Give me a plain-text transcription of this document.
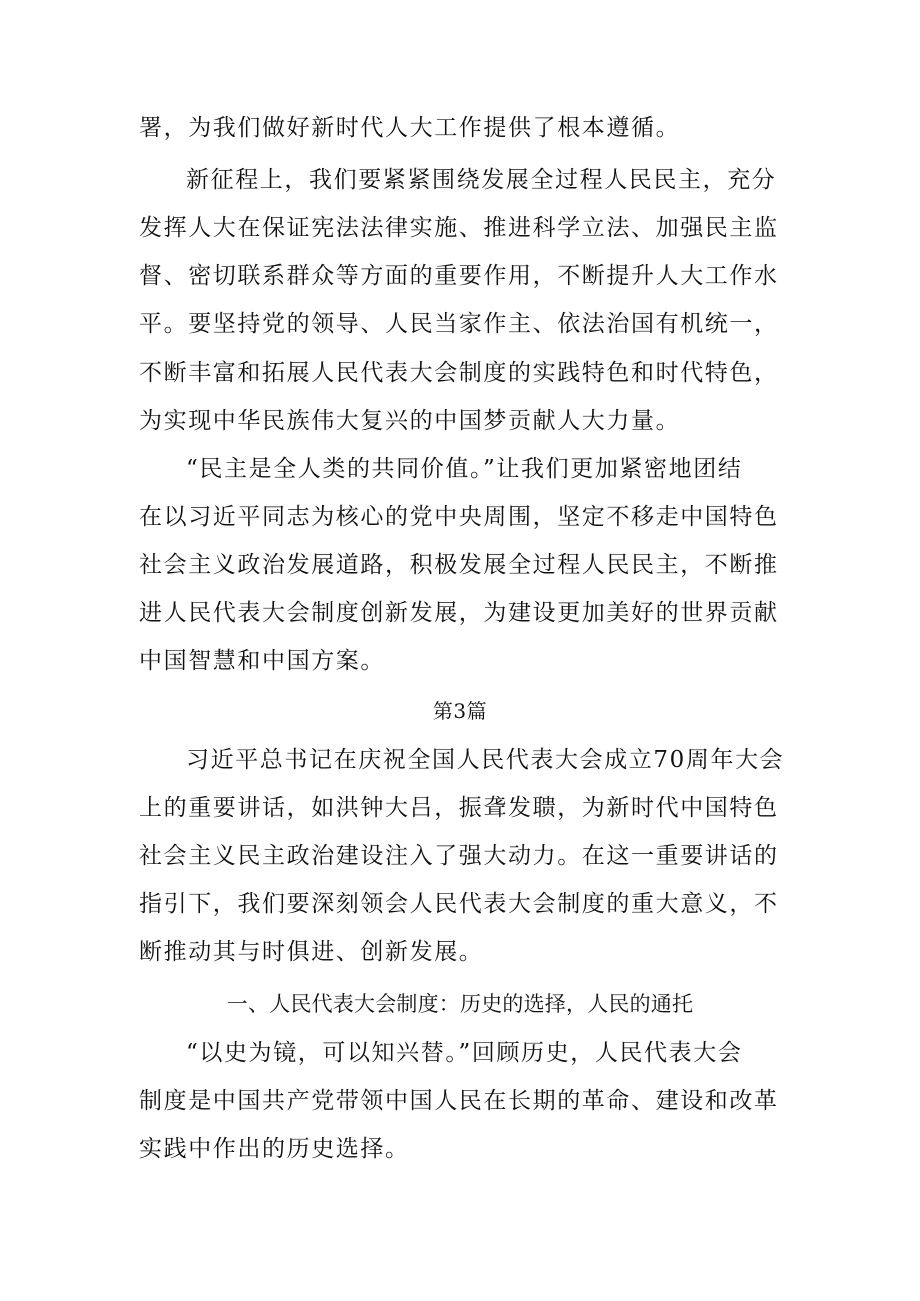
署，为我们做好新时代人大工作提供了根本遵循。
新征程上，我们要紧紧围绕发展全过程人民民主，充分
发挥人大在保证宪法法律实施、推进科学立法、加强民主监
督、密切联系群众等方面的重要作用，不断提升人大工作水
平。要坚持党的领导、人民当家作主、依法治国有机统一，
不断丰富和拓展人民代表大会制度的实践特色和时代特色，
为实现中华民族伟大复兴的中国梦贡献人大力量。
“民主是全人类的共同价值。”让我们更加紧密地团结
在以习近平同志为核心的党中央周围，坚定不移走中国特色
社会主义政治发展道路，积极发展全过程人民民主，不断推
进人民代表大会制度创新发展，为建设更加美好的世界贡献
中国智慧和中国方案。
第3篇
习近平总书记在庆祝全国人民代表大会成立70周年大会
上的重要讲话，如洪钟大吕，振聋发聩，为新时代中国特色
社会主义民主政治建设注入了强大动力。在这一重要讲话的
指引下，我们要深刻领会人民代表大会制度的重大意义，不
断推动其与时俱进、创新发展。
一、人民代表大会制度：历史的选择，人民的通托
“以史为镜，可以知兴替。”回顾历史，人民代表大会
制度是中国共产党带领中国人民在长期的革命、建设和改革
实践中作出的历史选择。
